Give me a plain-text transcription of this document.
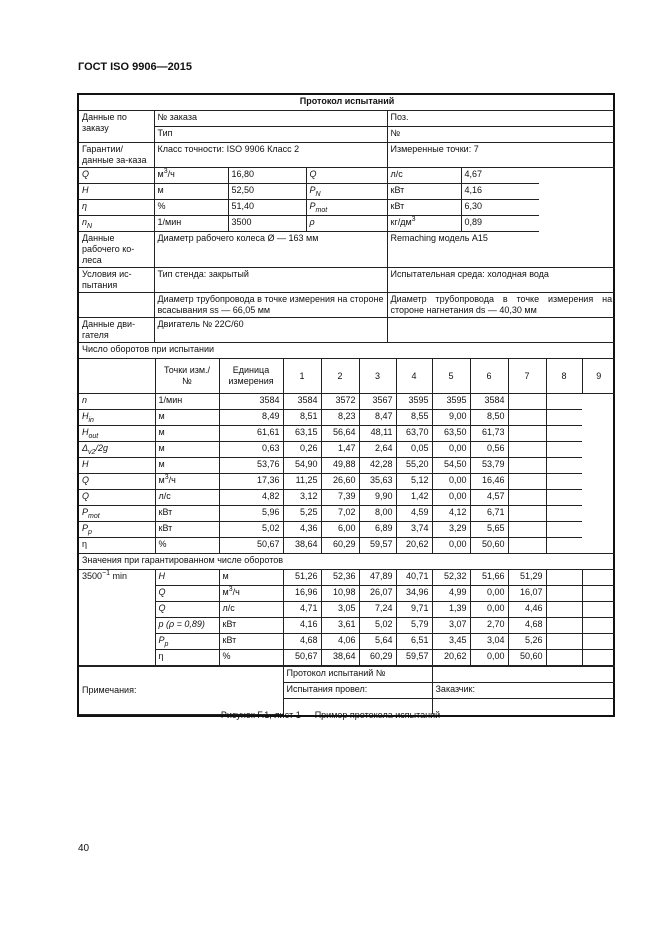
ГОСТ ISO 9906—2015
Протокол испытаний					
Данные по заказу	№ заказа			Поз.	
	Тип			№	
Гарантии/ данные за-каза	Класс точности: ISO 9906 Класс 2			Измеренные точки: 7	
Q	$м^3/ч$	16,80	Q	л/с	4,67
H	м	52,50	$P_N$	кВт	4,16
η	%	51,40	$P_{mot}$	кВт	6,30
$n_N$	1/мин	3500	ρ	$кг/дм^3$	0,89
Данные рабочего ко-леса	Диаметр рабочего колеса Ø — 163 мм			Remaching модель A15	
Условия ис-пытания	Тип стенда: закрытый			Испытательная среда: холодная вода	
	Диаметр трубопровода в точке измерения на стороне всасывания ss — 66,05 мм			Диаметр трубопровода в точке измерения на стороне нагнетания ds — 40,30 мм	
Данные дви-гателя	Двигатель № 22C/60				
Число оборотов при испытании											
	Точки изм./ №	Единица измерения	1	2	3	4	5	6	7	8	9
n	1/мин	3584	3584	3572	3567	3595	3595	3584			
$H_{in}$	м	8,49	8,51	8,23	8,47	8,55	9,00	8,50			
$H_{out}$	м	61,61	63,15	56,64	48,11	63,70	63,50	61,73			
$\Delta_{v2}/2g$	м	0,63	0,26	1,47	2,64	0,05	0,00	0,56			
H	м	53,76	54,90	49,88	42,28	55,20	54,50	53,79			
Q	$м^3/ч$	17,36	11,25	26,60	35,63	5,12	0,00	16,46			
Q	л/с	4,82	3,12	7,39	9,90	1,42	0,00	4,57			
$P_{mot}$	кВт	5,96	5,25	7,02	8,00	4,59	4,12	6,71			
$P_p$	кВт	5,02	4,36	6,00	6,89	3,74	3,29	5,65			
η	%	50,67	38,64	60,29	59,57	20,62	0,00	50,60			
Значения при гарантированном числе оборотов											
$3500^{-1}$ min	H	м	51,26	52,36	47,89	40,71	52,32	51,66	51,29		
	Q	$м^3/ч$	16,96	10,98	26,07	34,96	4,99	0,00	16,07		
	Q	л/с	4,71	3,05	7,24	9,71	1,39	0,00	4,46		
	p (ρ = 0,89)	кВт	4,16	3,61	5,02	5,79	3,07	2,70	4,68		
	$P_p$	кВт	4,68	4,06	5,64	6,51	3,45	3,04	5,26		
	η	%	50,67	38,64	60,29	59,57	20,62	0,00	50,60		
Примечания:	Протокол испытаний №	
	Испытания провел:	Заказчик:

Рисунок F.1, лист 1 — Пример протокола испытаний
40
